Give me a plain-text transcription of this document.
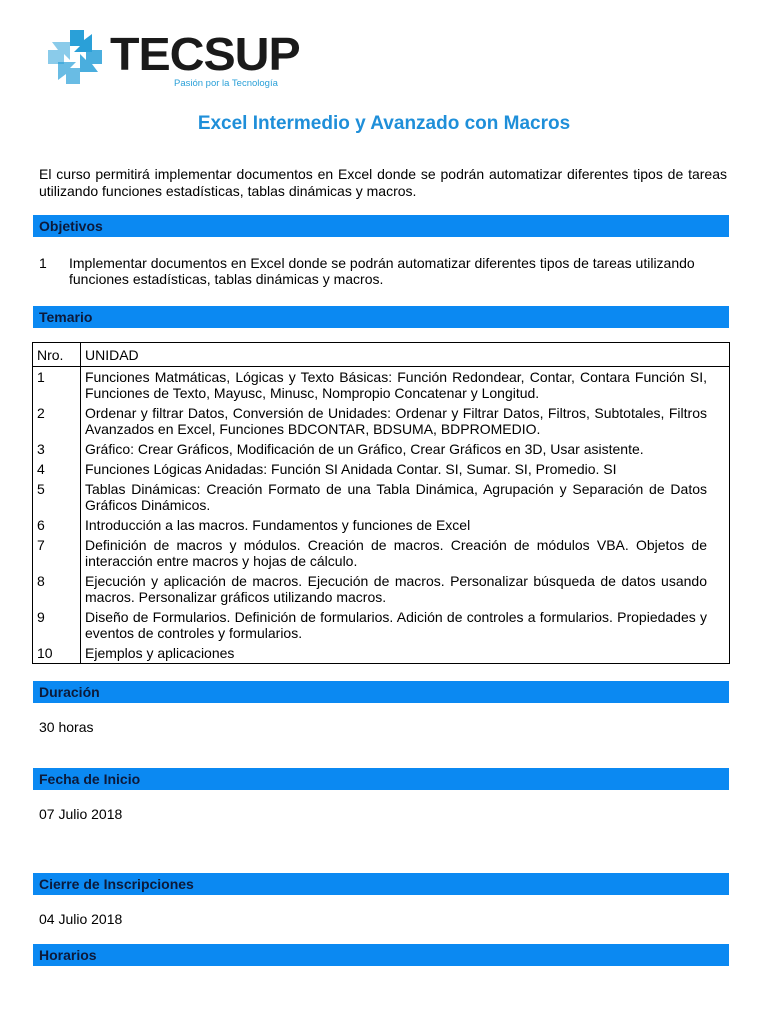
TECSUP
Pasión por la Tecnología
Excel Intermedio y Avanzado con Macros
El curso permitirá implementar documentos en Excel donde se podrán automatizar diferentes tipos de tareas utilizando funciones estadísticas, tablas dinámicas y macros.
Objetivos
1 Implementar documentos en Excel donde se podrán automatizar diferentes tipos de tareas utilizando funciones estadísticas, tablas dinámicas y macros.
Temario
Nro.	UNIDAD
1	Funciones Matmáticas, Lógicas y Texto Básicas: Función Redondear, Contar, Contara Función SI, Funciones de Texto, Mayusc, Minusc, Nompropio Concatenar y Longitud.
2	Ordenar y filtrar Datos, Conversión de Unidades: Ordenar y Filtrar Datos, Filtros, Subtotales, Filtros Avanzados en Excel, Funciones BDCONTAR, BDSUMA, BDPROMEDIO.
3	Gráfico: Crear Gráficos, Modificación de un Gráfico, Crear Gráficos en 3D, Usar asistente.
4	Funciones Lógicas Anidadas: Función SI Anidada Contar. SI, Sumar. SI, Promedio. SI
5	Tablas Dinámicas: Creación Formato de una Tabla Dinámica, Agrupación y Separación de Datos Gráficos Dinámicos.
6	Introducción a las macros. Fundamentos y funciones de Excel
7	Definición de macros y módulos. Creación de macros. Creación de módulos VBA. Objetos de interacción entre macros y hojas de cálculo.
8	Ejecución y aplicación de macros. Ejecución de macros. Personalizar búsqueda de datos usando macros. Personalizar gráficos utilizando macros.
9	Diseño de Formularios. Definición de formularios. Adición de controles a formularios. Propiedades y eventos de controles y formularios.
10	Ejemplos y aplicaciones
Duración
30 horas
Fecha de Inicio
07 Julio 2018
Cierre de Inscripciones
04 Julio 2018
Horarios
